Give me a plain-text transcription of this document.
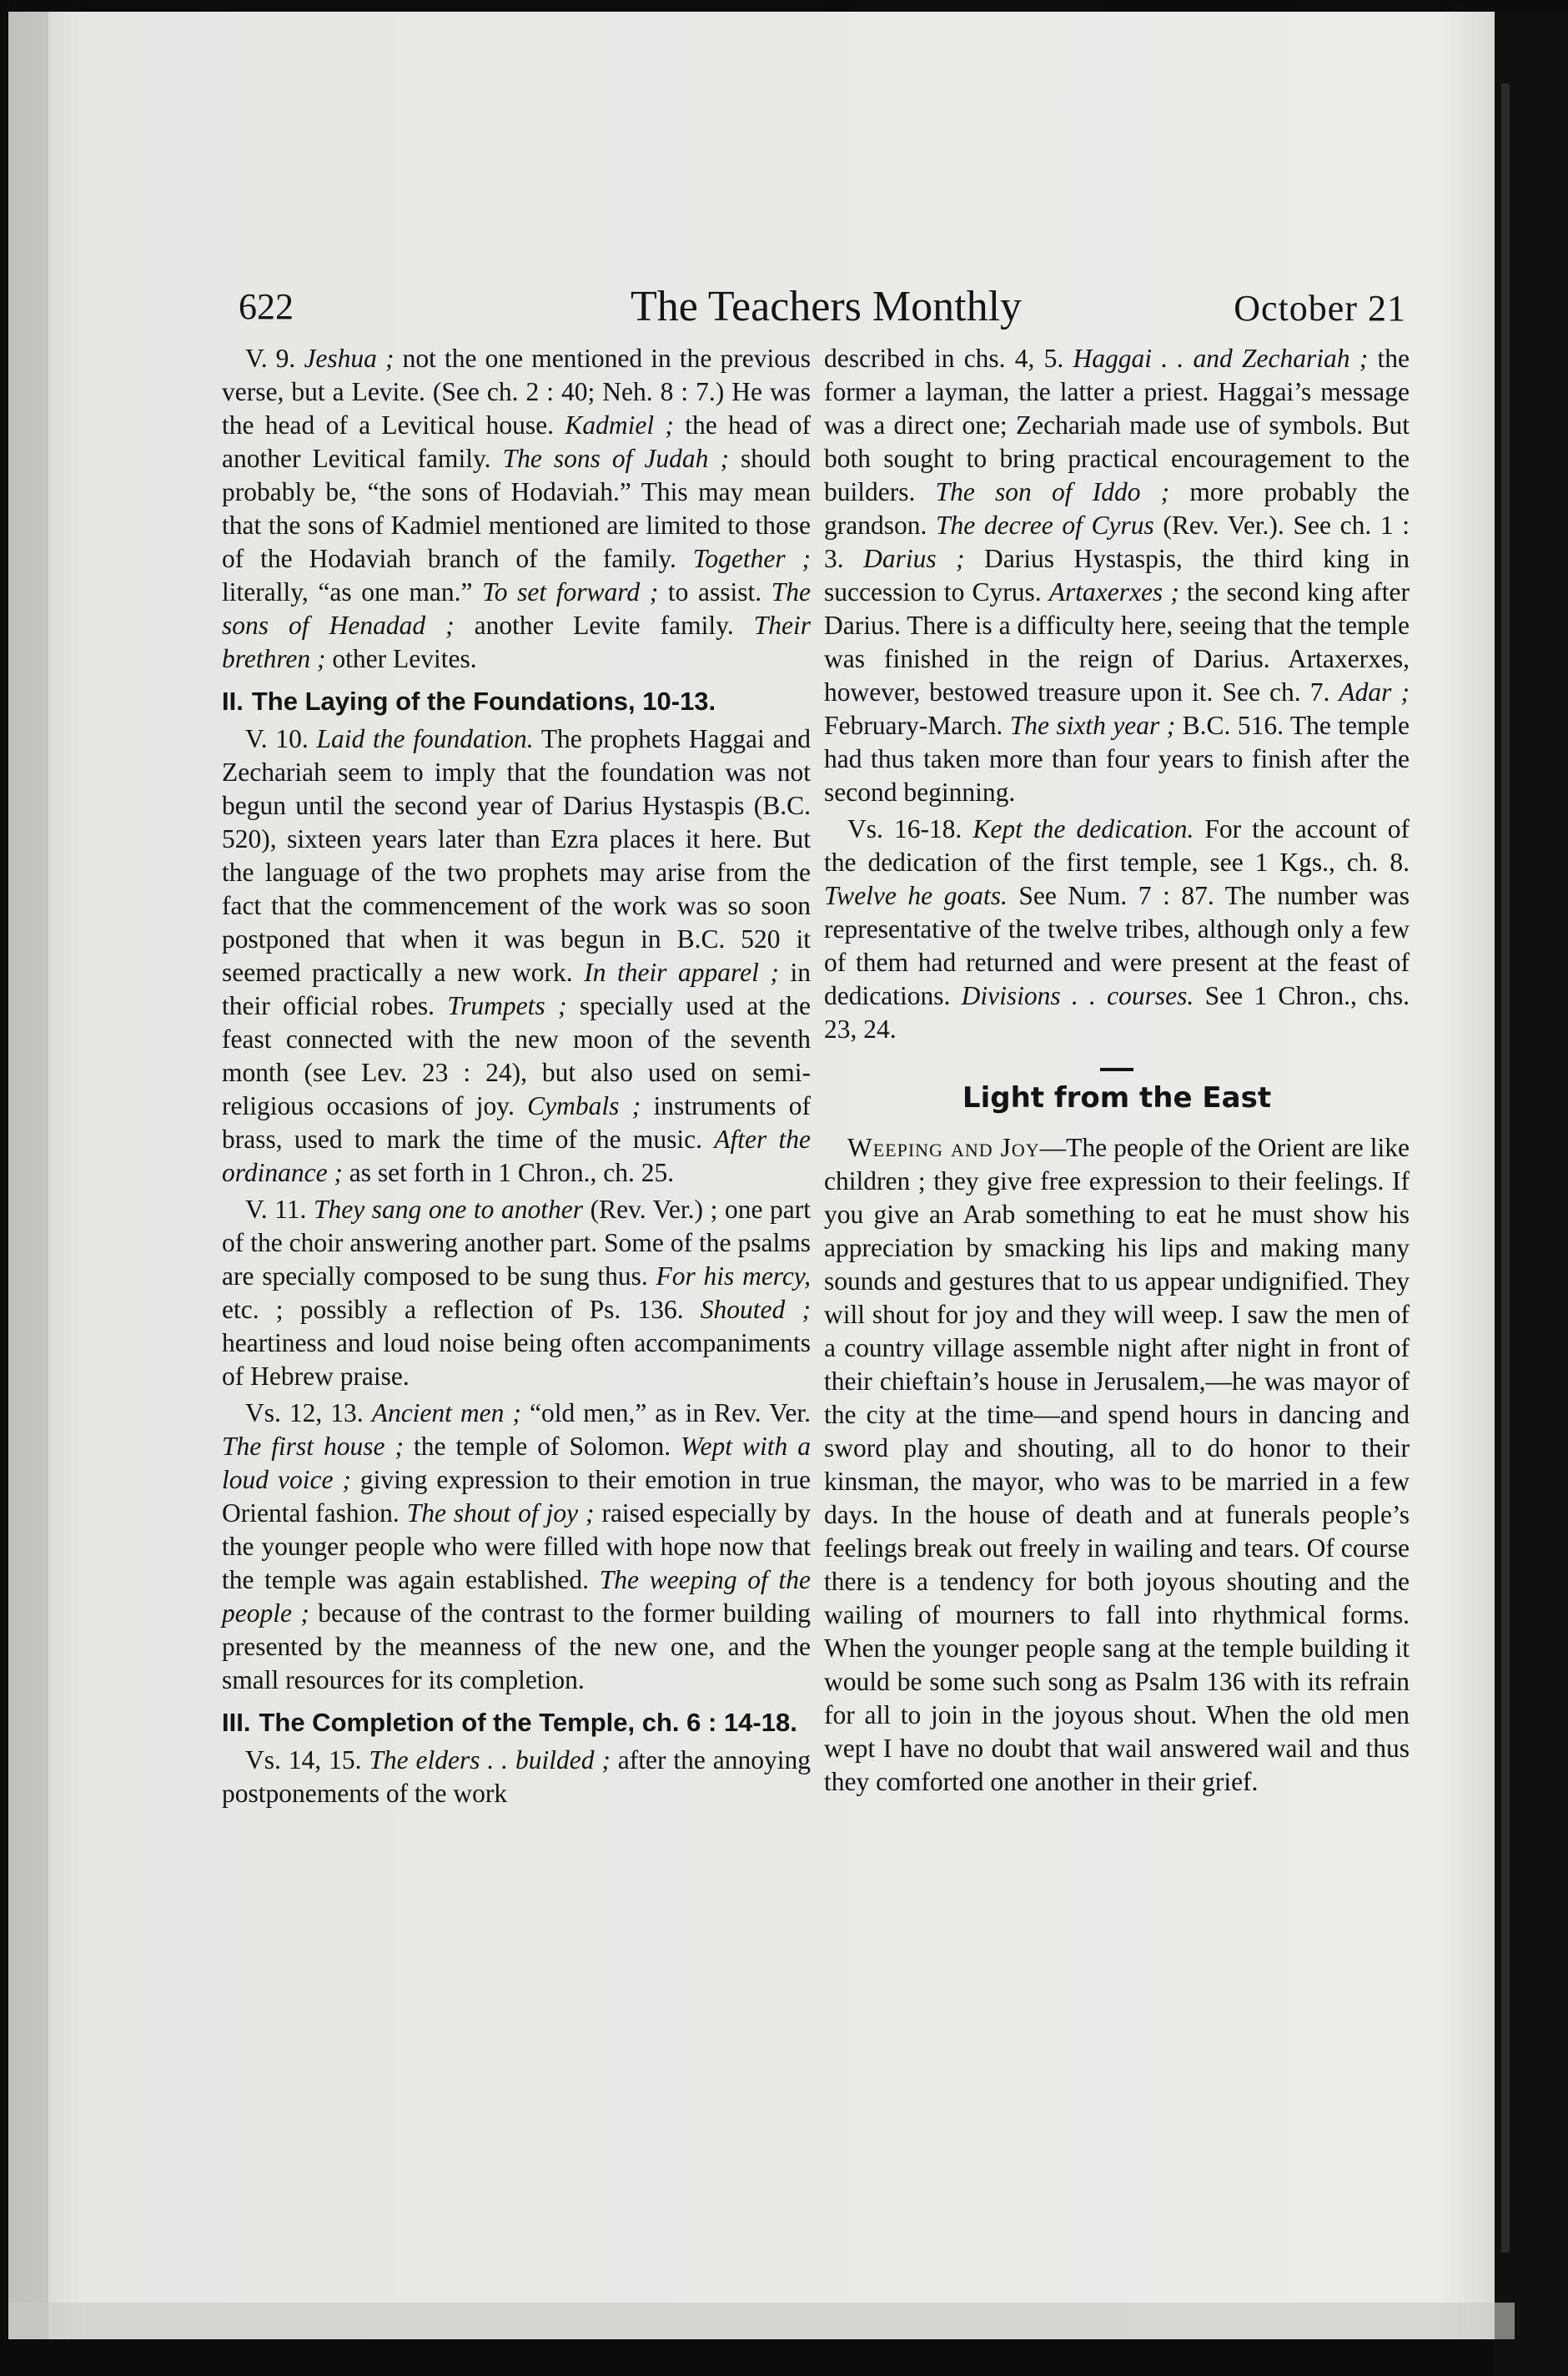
622	The Teachers Monthly	October 21

V. 9. Jeshua ; not the one mentioned in the previous verse, but a Levite. (See ch. 2 : 40; Neh. 8 : 7.) He was the head of a Levitical house. Kadmiel ; the head of another Levitical family. The sons of Judah ; should probably be, “the sons of Hodaviah.” This may mean that the sons of Kadmiel mentioned are limited to those of the Hodaviah branch of the family. Together ; literally, “as one man.” To set forward ; to assist. The sons of Henadad ; another Levite family. Their brethren ; other Levites.

II. The Laying of the Foundations, 10-13.

V. 10. Laid the foundation. The prophets Haggai and Zechariah seem to imply that the foundation was not begun until the second year of Darius Hystaspis (B.C. 520), sixteen years later than Ezra places it here. But the language of the two prophets may arise from the fact that the commencement of the work was so soon postponed that when it was begun in B.C. 520 it seemed practically a new work. In their apparel ; in their official robes. Trumpets ; specially used at the feast connected with the new moon of the seventh month (see Lev. 23 : 24), but also used on semi-religious occasions of joy. Cymbals ; instruments of brass, used to mark the time of the music. After the ordinance ; as set forth in 1 Chron., ch. 25.

V. 11. They sang one to another (Rev. Ver.) ; one part of the choir answering another part. Some of the psalms are specially composed to be sung thus. For his mercy, etc. ; possibly a reflection of Ps. 136. Shouted ; heartiness and loud noise being often accompaniments of Hebrew praise.

Vs. 12, 13. Ancient men ; “old men,” as in Rev. Ver. The first house ; the temple of Solomon. Wept with a loud voice ; giving expression to their emotion in true Oriental fashion. The shout of joy ; raised especially by the younger people who were filled with hope now that the temple was again established. The weeping of the people ; because of the contrast to the former building presented by the meanness of the new one, and the small resources for its completion.

III. The Completion of the Temple, ch. 6 : 14-18.

Vs. 14, 15. The elders . . builded ; after the annoying postponements of the work

described in chs. 4, 5. Haggai . . and Zechariah ; the former a layman, the latter a priest. Haggai’s message was a direct one; Zechariah made use of symbols. But both sought to bring practical encouragement to the builders. The son of Iddo ; more probably the grandson. The decree of Cyrus (Rev. Ver.). See ch. 1 : 3. Darius ; Darius Hystaspis, the third king in succession to Cyrus. Artaxerxes ; the second king after Darius. There is a difficulty here, seeing that the temple was finished in the reign of Darius. Artaxerxes, however, bestowed treasure upon it. See ch. 7. Adar ; February-March. The sixth year ; B.C. 516. The temple had thus taken more than four years to finish after the second beginning.

Vs. 16-18. Kept the dedication. For the account of the dedication of the first temple, see 1 Kgs., ch. 8. Twelve he goats. See Num. 7 : 87. The number was representative of the twelve tribes, although only a few of them had returned and were present at the feast of dedications. Divisions . . courses. See 1 Chron., chs. 23, 24.

Light from the East

Weeping and Joy—The people of the Orient are like children ; they give free expression to their feelings. If you give an Arab something to eat he must show his appreciation by smacking his lips and making many sounds and gestures that to us appear undignified. They will shout for joy and they will weep. I saw the men of a country village assemble night after night in front of their chieftain’s house in Jerusalem,—he was mayor of the city at the time—and spend hours in dancing and sword play and shouting, all to do honor to their kinsman, the mayor, who was to be married in a few days. In the house of death and at funerals people’s feelings break out freely in wailing and tears. Of course there is a tendency for both joyous shouting and the wailing of mourners to fall into rhythmical forms. When the younger people sang at the temple building it would be some such song as Psalm 136 with its refrain for all to join in the joyous shout. When the old men wept I have no doubt that wail answered wail and thus they comforted one another in their grief.
